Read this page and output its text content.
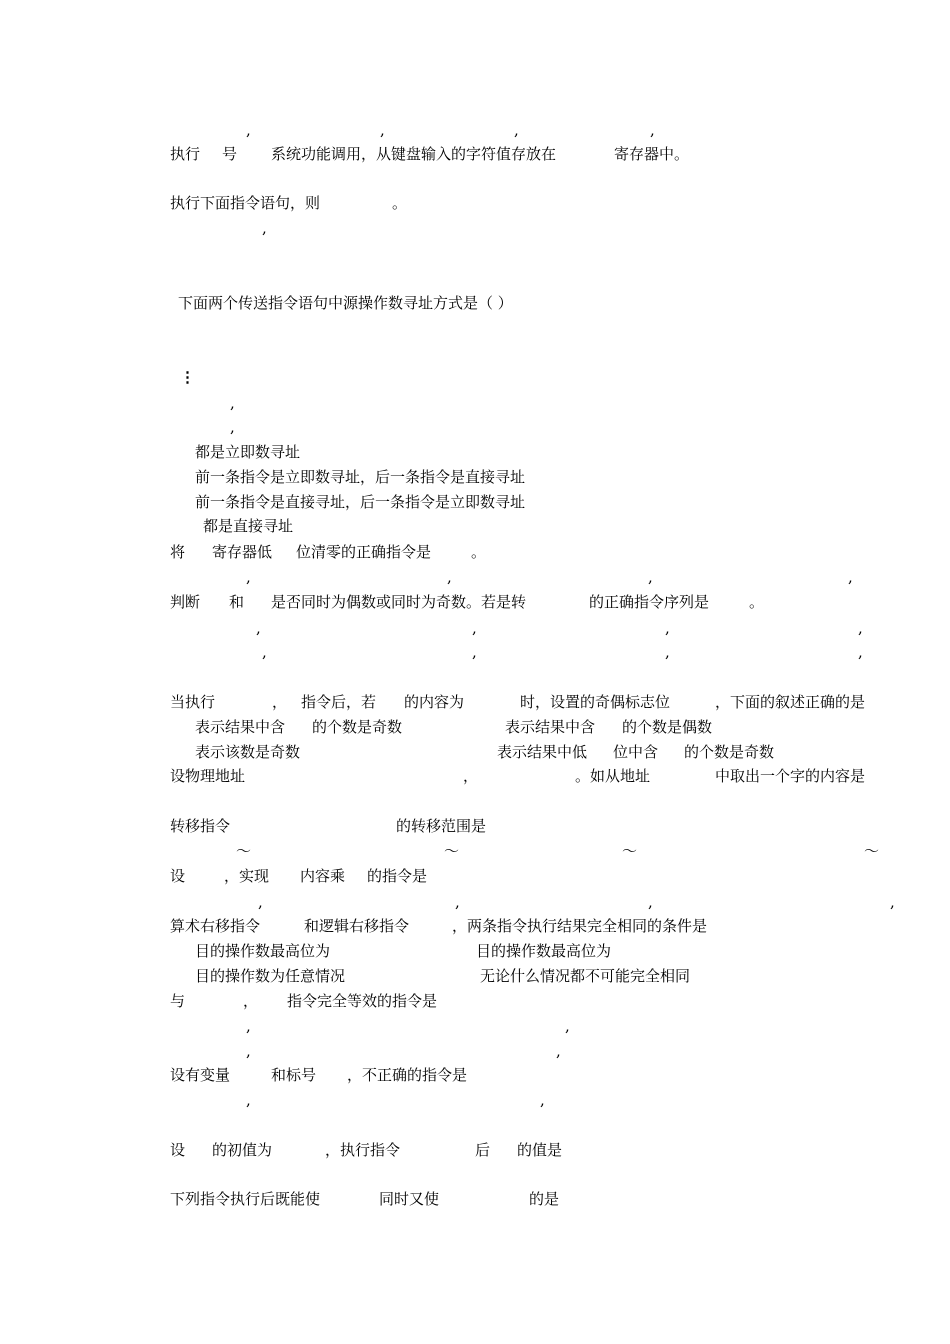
,	,	,	,
执行 号 系统功能调用，从键盘输入的字符值存放在	寄存器中。
执行下面指令语句，则	。
,
下面两个传送指令语句中源操作数寻址方式是（ ）
⋮
,
,
都是立即数寻址
前一条指令是立即数寻址，后一条指令是直接寻址
前一条指令是直接寻址，后一条指令是立即数寻址
都是直接寻址
将 寄存器低 位清零的正确指令是	。
,	,	,	,
判断 和 是否同时为偶数或同时为奇数。若是转	的正确指令序列是	。
,	,	,	,
,	,	,	,
当执行	， 指令后，若 的内容为	时，设置的奇偶标志位	，下面的叙述正确的是
表示结果中含 的个数是奇数	表示结果中含 的个数是偶数
表示该数是奇数	表示结果中低 位中含 的个数是奇数
设物理地址	，	。如从地址	中取出一个字的内容是
转移指令	的转移范围是
～	～	～	～
设	，实现 内容乘 的指令是
,	,	,	,
算术右移指令	和逻辑右移指令	，两条指令执行结果完全相同的条件是
目的操作数最高位为	目的操作数最高位为
目的操作数为任意情况	无论什么情况都不可能完全相同
与	， 指令完全等效的指令是
,	,
,	,
设有变量	和标号 ，不正确的指令是
,	,
设 的初值为	，执行指令	后 的值是
下列指令执行后既能使	同时又使	的是
